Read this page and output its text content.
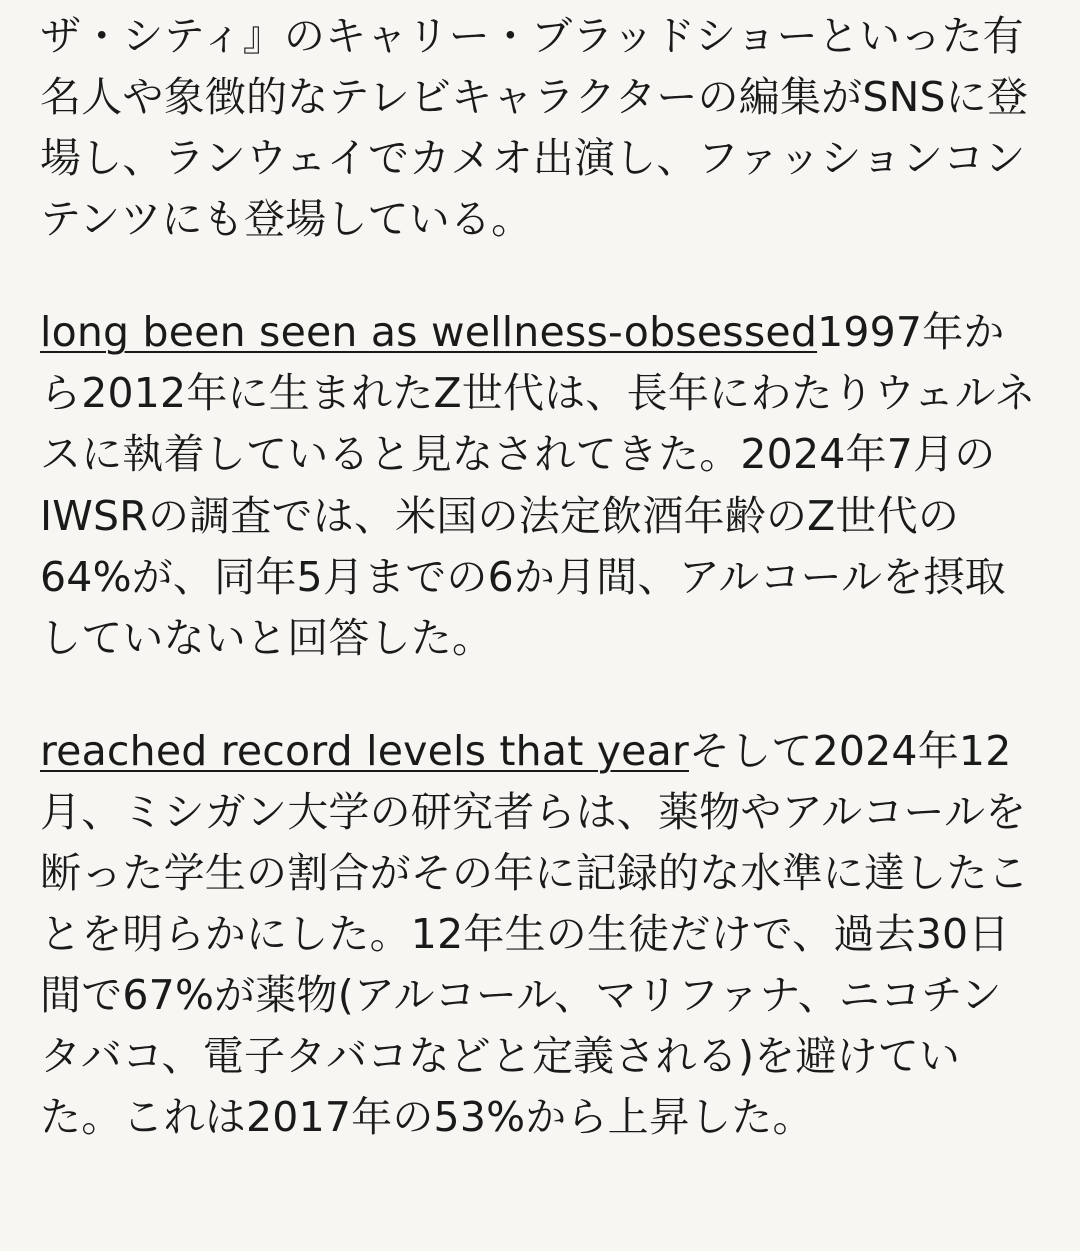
ザ・シティ』のキャリー・ブラッドショーといった有名人や象徴的なテレビキャラクターの編集がSNSに登場し、ランウェイでカメオ出演し、ファッションコンテンツにも登場している。

long been seen as wellness-obsessed1997年から2012年に生まれたZ世代は、長年にわたりウェルネスに執着していると見なされてきた。2024年7月のIWSRの調査では、米国の法定飲酒年齢のZ世代の64%が、同年5月までの6か月間、アルコールを摂取していないと回答した。

reached record levels that yearそして2024年12月、ミシガン大学の研究者らは、薬物やアルコールを断った学生の割合がその年に記録的な水準に達したことを明らかにした。12年生の生徒だけで、過去30日間で67%が薬物(アルコール、マリファナ、ニコチンタバコ、電子タバコなどと定義される)を避けていた。これは2017年の53%から上昇した。
